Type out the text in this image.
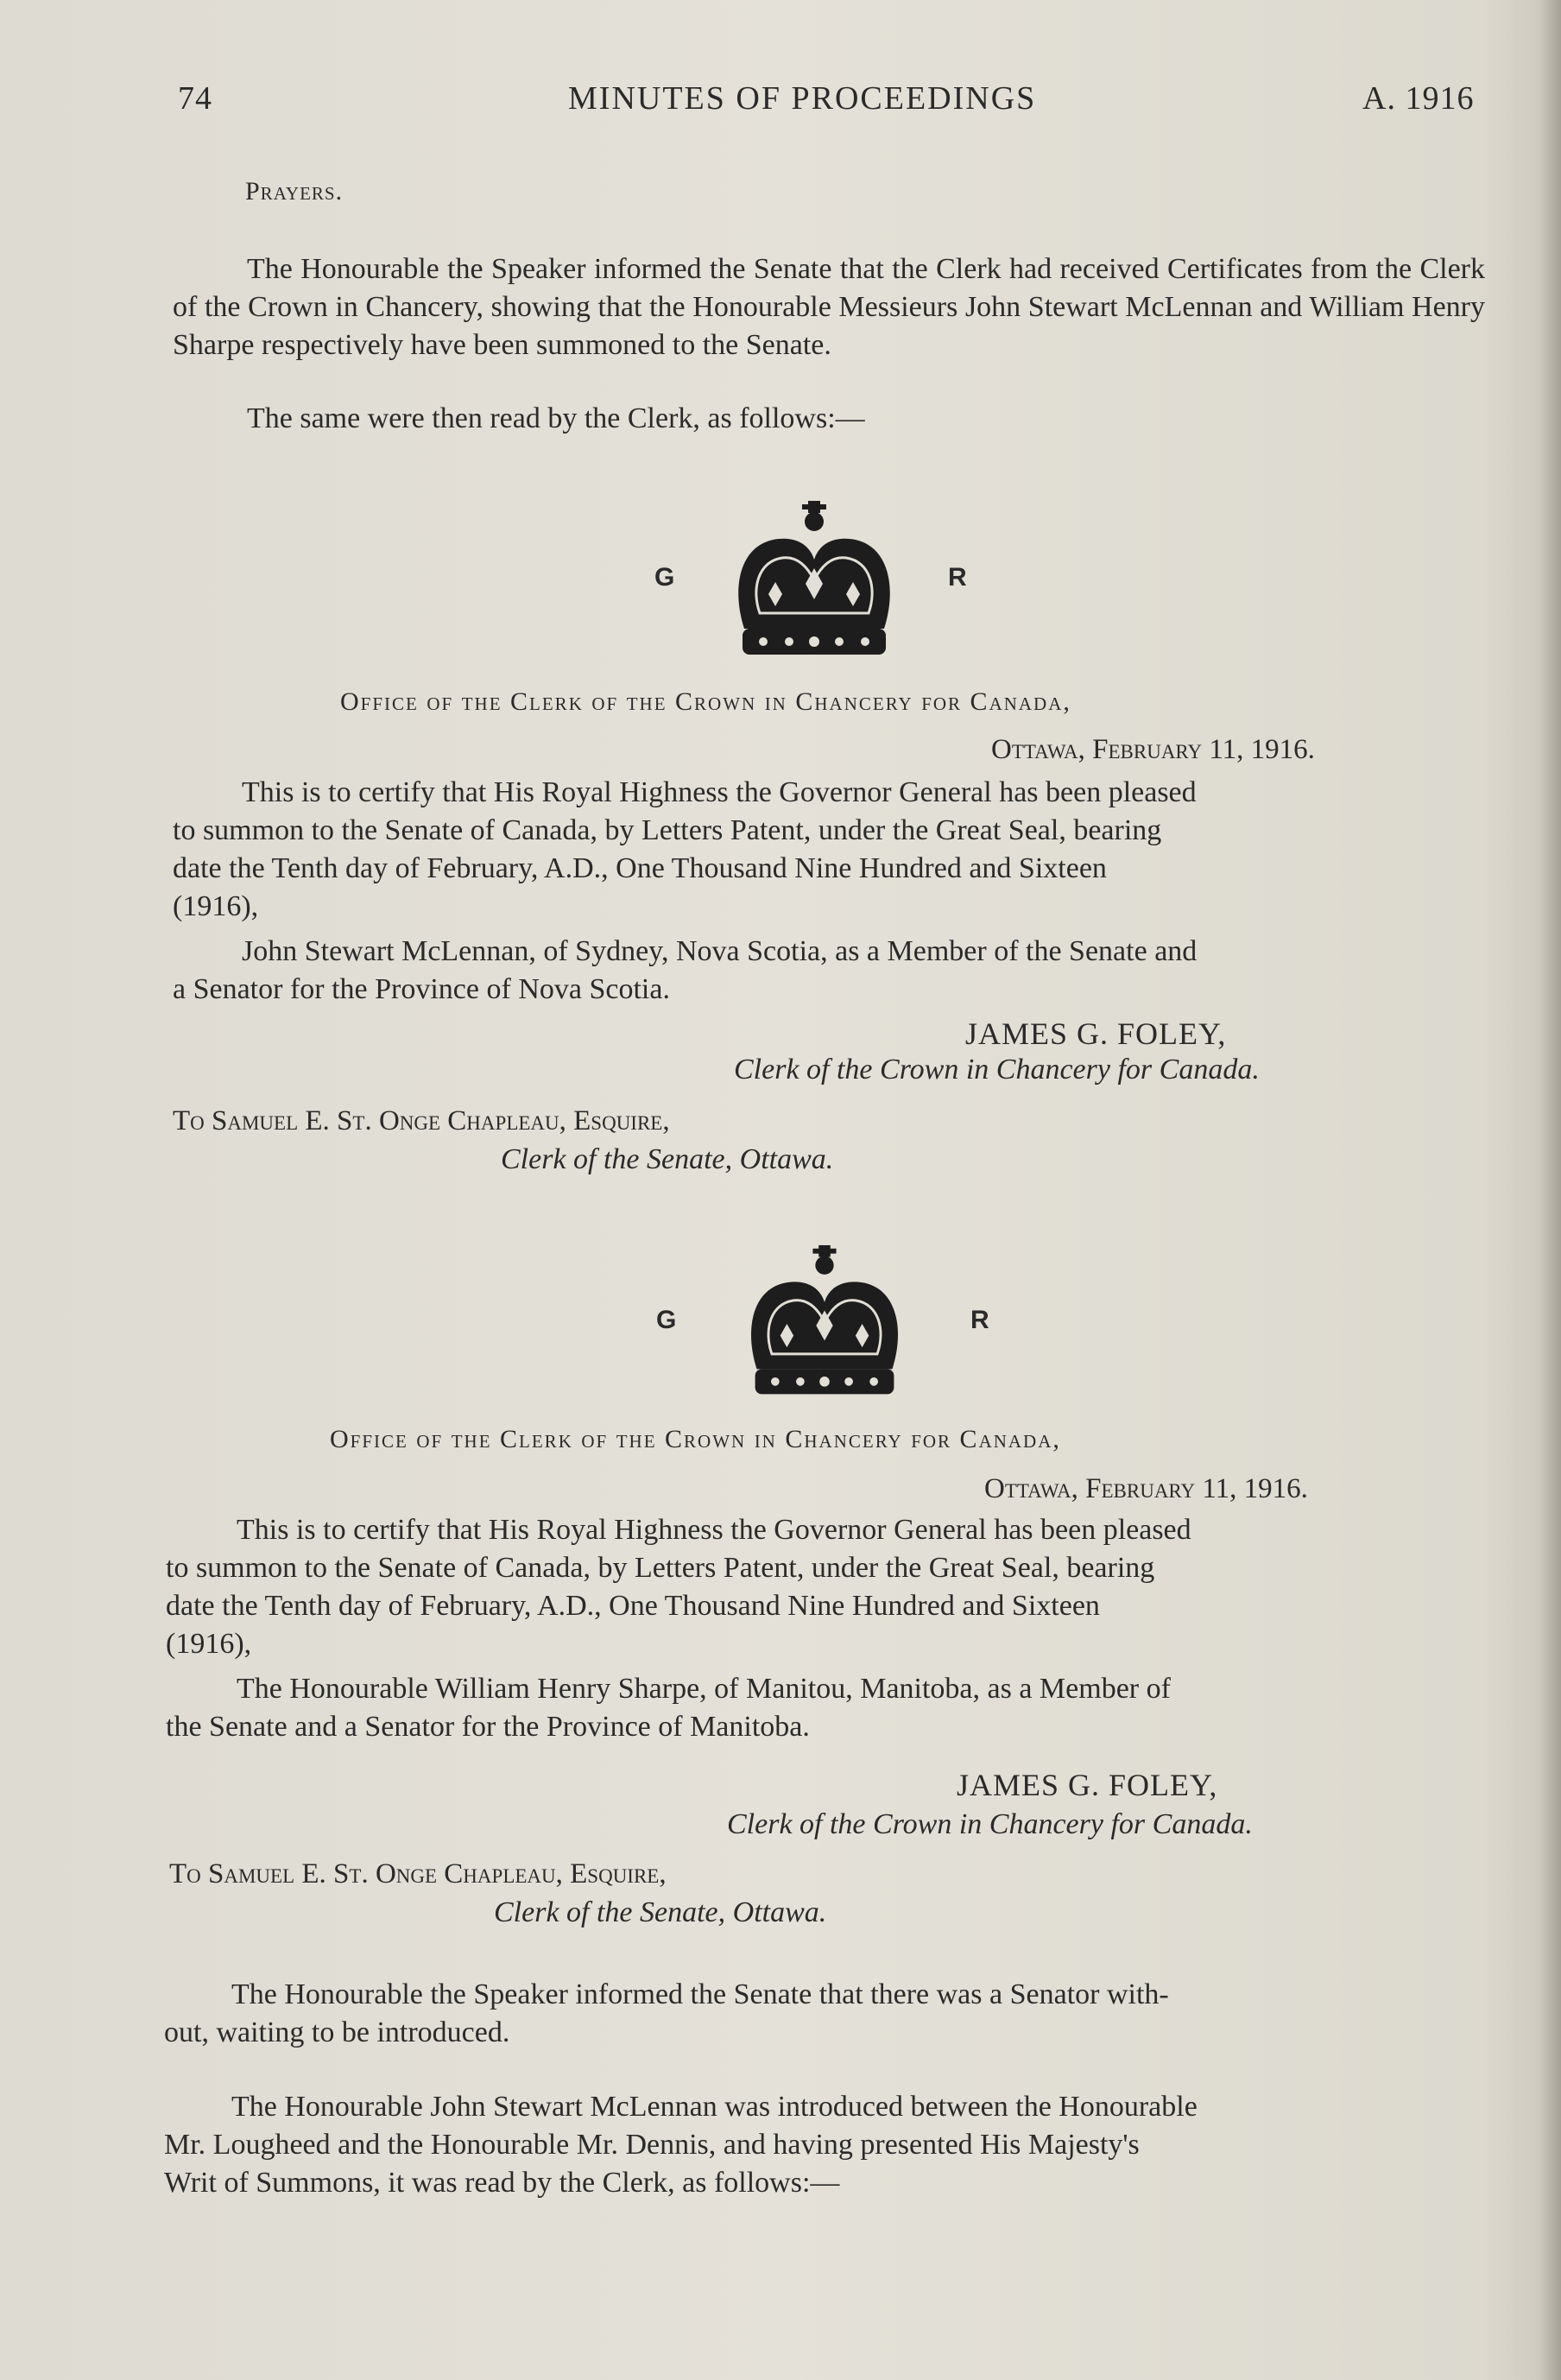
74	MINUTES OF PROCEEDINGS	A. 1916
Prayers.
The Honourable the Speaker informed the Senate that the Clerk had received Certificates from the Clerk of the Crown in Chancery, showing that the Honourable Messieurs John Stewart McLennan and William Henry Sharpe respectively have been summoned to the Senate.
The same were then read by the Clerk, as follows:—
G	R
Office of the Clerk of the Crown in Chancery for Canada,
Ottawa, February 11, 1916.
This is to certify that His Royal Highness the Governor General has been pleased
to summon to the Senate of Canada, by Letters Patent, under the Great Seal, bearing
date the Tenth day of February, A.D., One Thousand Nine Hundred and Sixteen
(1916),
John Stewart McLennan, of Sydney, Nova Scotia, as a Member of the Senate and
a Senator for the Province of Nova Scotia.
JAMES G. FOLEY,
Clerk of the Crown in Chancery for Canada.
To Samuel E. St. Onge Chapleau, Esquire,
Clerk of the Senate, Ottawa.
G	R
Office of the Clerk of the Crown in Chancery for Canada,
Ottawa, February 11, 1916.
This is to certify that His Royal Highness the Governor General has been pleased
to summon to the Senate of Canada, by Letters Patent, under the Great Seal, bearing
date the Tenth day of February, A.D., One Thousand Nine Hundred and Sixteen
(1916),
The Honourable William Henry Sharpe, of Manitou, Manitoba, as a Member of
the Senate and a Senator for the Province of Manitoba.
JAMES G. FOLEY,
Clerk of the Crown in Chancery for Canada.
To Samuel E. St. Onge Chapleau, Esquire,
Clerk of the Senate, Ottawa.
The Honourable the Speaker informed the Senate that there was a Senator with-
out, waiting to be introduced.
The Honourable John Stewart McLennan was introduced between the Honourable
Mr. Lougheed and the Honourable Mr. Dennis, and having presented His Majesty's
Writ of Summons, it was read by the Clerk, as follows:—
